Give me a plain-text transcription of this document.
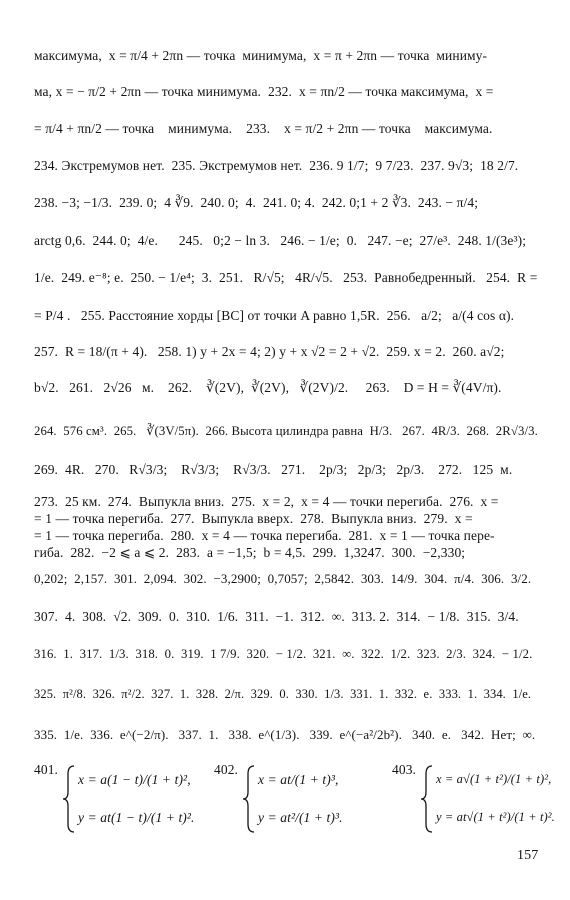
максимума,  x = π/4 + 2πn — точка  минимума,  x = π + 2πn — точка  миниму-
ма, x = − π/2 + 2πn — точка минимума.  232.  x = πn/2 — точка максимума,  x =
= π/4 + πn/2 — точка    минимума.    233.    x = π/2 + 2πn — точка    максимума.
234. Экстремумов нет.  235. Экстремумов нет.  236. 9 1/7;  9 7/23.  237. 9√3;  18 2/7.
238. −3; −1/3.  239. 0;  4 ∛9.  240. 0;  4.  241. 0; 4.  242. 0;1 + 2 ∛3.  243. − π/4;
arctg 0,6.  244. 0;  4/e.      245.   0;2 − ln 3.   246. − 1/e;  0.   247. −e;  27/e³.  248. 1/(3e³);
1/e.  249. e⁻⁸; e.  250. − 1/e⁴;  3.  251.   R/√5;   4R/√5.   253.  Равнобедренный.   254.  R =
= P/4 .   255. Расстояние хорды [BC] от точки A равно 1,5R.  256.   a/2;   a/(4 cos α).
257.  R = 18/(π + 4).   258. 1) y + 2x = 4; 2) y + x √2 = 2 + √2.  259. x = 2.  260. a√2;
b√2.   261.   2√26   м.    262.    ∛(2V),  ∛(2V),   ∛(2V)/2.     263.    D = H = ∛(4V/π).
264.  576 см³.  265.   ∛(3V/5π).  266. Высота цилиндра равна  H/3.   267.  4R/3.  268.  2R√3/3.
269.  4R.   270.   R√3/3;    R√3/3;    R√3/3.   271.    2p/3;   2p/3;   2p/3.    272.   125  м.
273.  25 км.  274.  Выпукла вниз.  275.  x = 2,  x = 4 — точки перегиба.  276.  x =
= 1 — точка перегиба.  277.  Выпукла вверх.  278.  Выпукла вниз.  279.  x =
= 1 — точка перегиба.  280.  x = 4 — точка перегиба.  281.  x = 1 — точка пере-
гиба.  282.  −2 ⩽ a ⩽ 2.  283.  a = −1,5;  b = 4,5.  299.  1,3247.  300.  −2,330;
0,202;  2,157.  301.  2,094.  302.  −3,2900;  0,7057;  2,5842.  303.  14/9.  304.  π/4.  306.  3/2.
307.  4.  308.  √2.  309.  0.  310.  1/6.  311.  −1.  312.  ∞.  313. 2.  314.  − 1/8.  315.  3/4.
316.  1.  317.  1/3.  318.  0.  319.  1 7/9.  320.  − 1/2.  321.  ∞.  322.  1/2.  323.  2/3.  324.  − 1/2.
325.  π²/8.  326.  π²/2.  327.  1.  328.  2/π.  329.  0.  330.  1/3.  331.  1.  332.  e.  333.  1.  334.  1/e.
335.  1/e.  336.  e^(−2/π).   337.  1.   338.  e^(1/3).   339.  e^(−a²/2b²).   340.  e.   342.  Нет;  ∞.
401.
x = a(1 − t)/(1 + t)²,
y = at(1 − t)/(1 + t)².
402.
x = at/(1 + t)³,
y = at²/(1 + t)³.
403.
x = a√(1 + t²)/(1 + t)²,
y = at√(1 + t²)/(1 + t)².
157
